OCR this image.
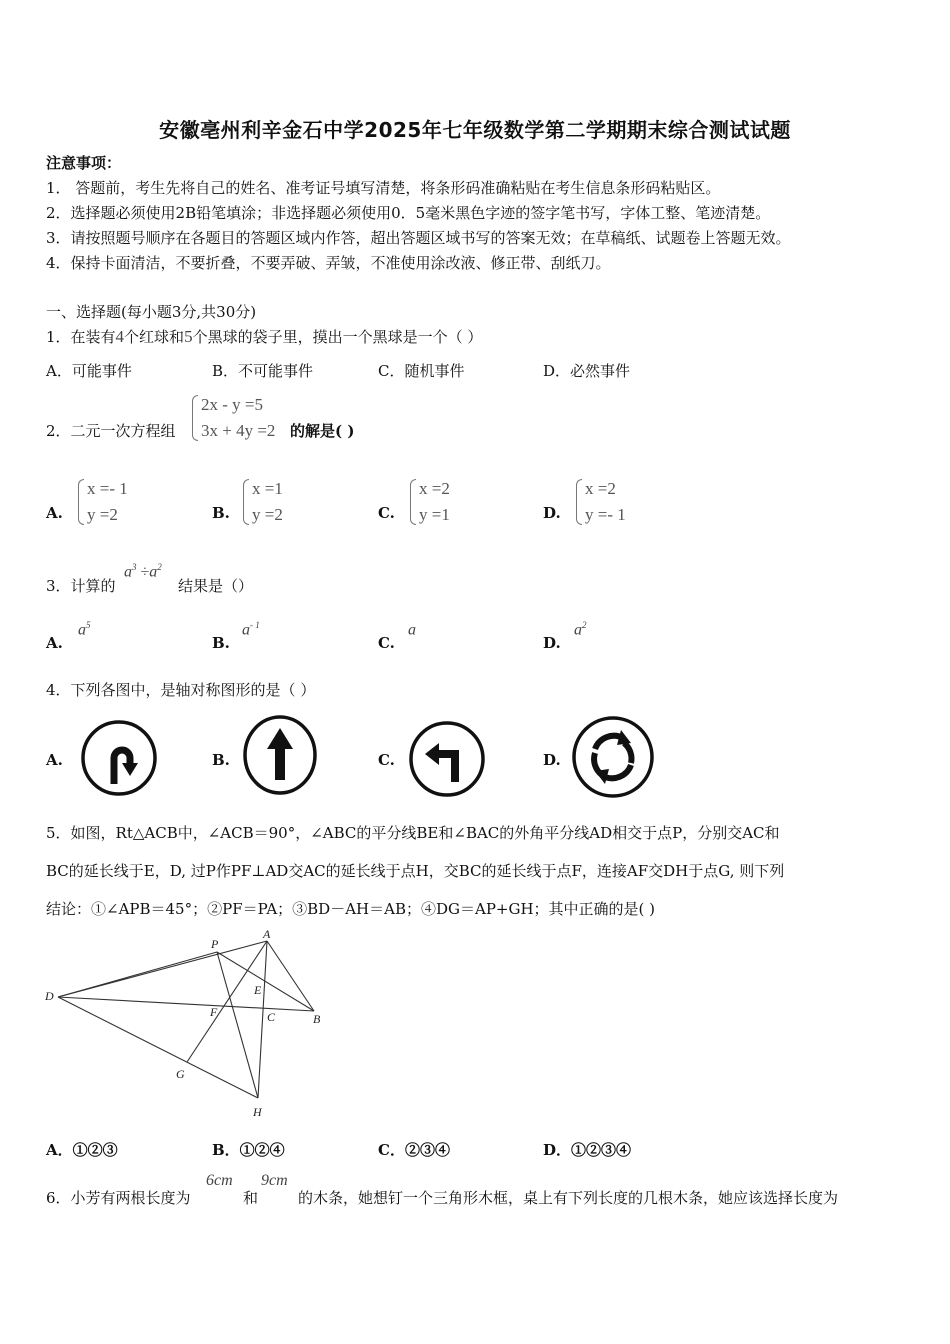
安徽亳州利辛金石中学2025年七年级数学第二学期期末综合测试试题
注意事项：
1． 答题前，考生先将自己的姓名、准考证号填写清楚，将条形码准确粘贴在考生信息条形码粘贴区。
2．选择题必须使用2B铅笔填涂；非选择题必须使用0．5毫米黑色字迹的签字笔书写，字体工整、笔迹清楚。
3．请按照题号顺序在各题目的答题区域内作答，超出答题区域书写的答案无效；在草稿纸、试题卷上答题无效。
4．保持卡面清洁，不要折叠，不要弄破、弄皱，不准使用涂改液、修正带、刮纸刀。
一、选择题(每小题3分,共30分)
1．在装有4个红球和5个黑球的袋子里，摸出一个黑球是一个（ ）
A．可能事件	B．不可能事件	C．随机事件	D．必然事件
2．二元一次方程组
2x - y =5
3x + 4y =2 的解是( )
A.
x =- 1
y =2	B.
x =1
y =2	C.
x =2
y =1	D.
x =2
y =- 1
3．计算的
$a^3 \div a^2$
结果是（）
A.
$a^5$
B.
$a^{- 1}$
C.
a
D.
$a^2$
4．下列各图中，是轴对称图形的是（ ）
A.	B.	C.	D.
5．如图，Rt△ACB中，∠ACB＝90°，∠ABC的平分线BE和∠BAC的外角平分线AD相交于点P，分别交AC和
BC的延长线于E，D, 过P作PF⊥AD交AC的延长线于点H，交BC的延长线于点F，连接AF交DH于点G, 则下列
结论：①∠APB＝45°；②PF＝PA；③BD－AH＝AB；④DG＝AP+GH；其中正确的是( )
P
A
D	E
F	C	B
G
H
A．①②③	B．①②④	C．②③④	D．①②③④
6．小芳有两根长度为
6cm
和
9cm
的木条，她想钉一个三角形木框，桌上有下列长度的几根木条，她应该选择长度为
